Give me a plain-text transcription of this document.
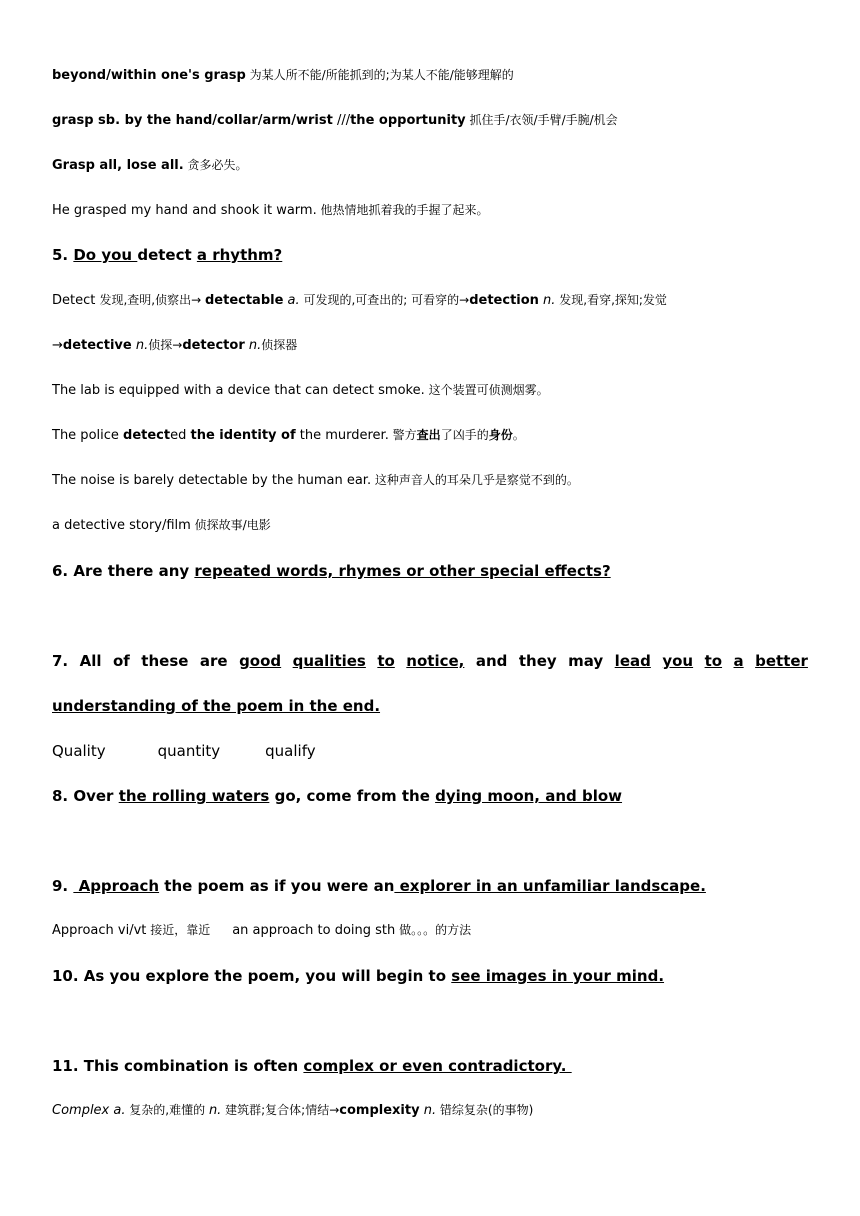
beyond/within one's grasp 为某人所不能/所能抓到的;为某人不能/能够理解的
grasp sb. by the hand/collar/arm/wrist ///the opportunity 抓住手/衣领/手臂/手腕/机会
Grasp all, lose all. 贪多必失。
He grasped my hand and shook it warm. 他热情地抓着我的手握了起来。
5. Do you detect a rhythm?
Detect 发现,查明,侦察出→ detectable a. 可发现的,可查出的; 可看穿的→detection n. 发现,看穿,探知;发觉
→detective n.侦探→detector n.侦探器
The lab is equipped with a device that can detect smoke. 这个装置可侦测烟雾。
The police detected the identity of the murderer. 警方查出了凶手的身份。
The noise is barely detectable by the human ear. 这种声音人的耳朵几乎是察觉不到的。
a detective story/film 侦探故事/电影
6. Are there any repeated words, rhymes or other special effects?
7. All of these are good qualities to notice, and they may lead you to a better
understanding of the poem in the end.
Quality	quantity	qualify
8. Over the rolling waters go, come from the dying moon, and blow
9.  Approach the poem as if you were an explorer in an unfamiliar landscape.
Approach vi/vt 接近，靠近 an approach to doing sth 做。。。的方法
10. As you explore the poem, you will begin to see images in your mind.
11. This combination is often complex or even contradictory.
Complex a. 复杂的,难懂的 n. 建筑群;复合体;情结→complexity n. 错综复杂(的事物)
